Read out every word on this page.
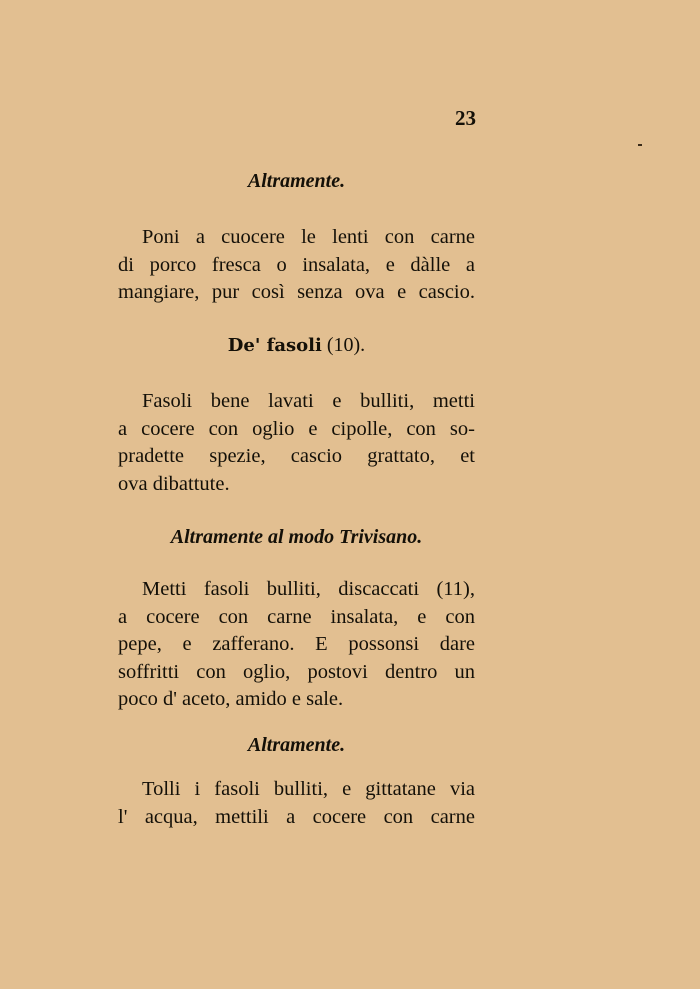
23
Altramente.
Poni a cuocere le lenti con carne
di porco fresca o insalata, e dàlle a
mangiare, pur così senza ova e cascio.
De' fasoli (10).
Fasoli bene lavati e bulliti, metti
a cocere con oglio e cipolle, con so-
pradette spezie, cascio grattato, et
ova dibattute.
Altramente al modo Trivisano.
Metti fasoli bulliti, discaccati (11),
a cocere con carne insalata, e con
pepe, e zafferano. E possonsi dare
soffritti con oglio, postovi dentro un
poco d' aceto, amido e sale.
Altramente.
Tolli i fasoli bulliti, e gittatane via
l' acqua, mettili a cocere con carne
